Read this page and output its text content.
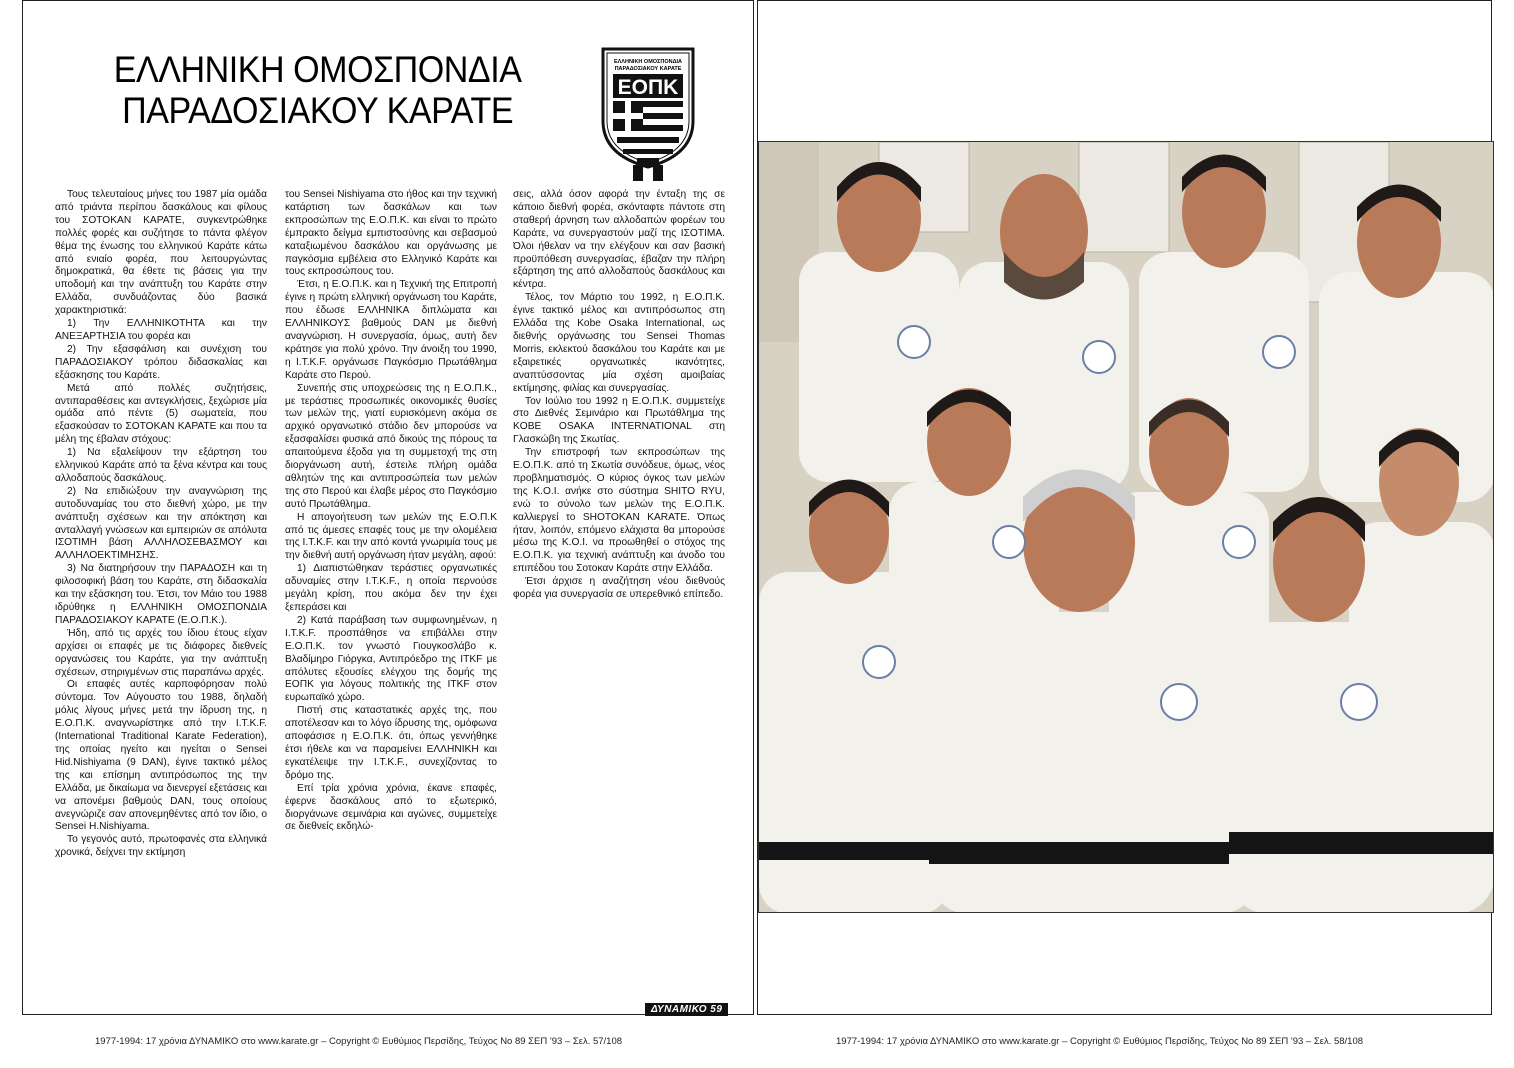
ΕΛΛΗΝΙΚΗ ΟΜΟΣΠΟΝΔΙΑ
ΠΑΡΑΔΟΣΙΑΚΟΥ ΚΑΡΑΤΕ
ΕΛΛΗΝΙΚΗ ΟΜΟΣΠΟΝΔΙΑ
ΠΑΡΑΔΟΣΙΑΚΟΥ ΚΑΡΑΤΕ
ΕΟΠΚ

Τους τελευταίους μήνες του 1987 μία ομάδα από τριάντα περίπου δασκάλους και φίλους του ΣΟΤΟΚΑΝ ΚΑΡΑΤΕ, συγκεντρώθηκε πολλές φορές και συζήτησε το πάντα φλέγον θέμα της ένωσης του ελληνικού Καράτε κάτω από ενιαίο φορέα, που λειτουργώντας δημοκρατικά, θα έθετε τις βάσεις για την υποδομή και την ανάπτυξη του Καράτε στην Ελλάδα, συνδυάζοντας δύο βασικά χαρακτηριστικά:

1) Την ΕΛΛΗΝΙΚΟΤΗΤΑ και την ΑΝΕΞΑΡΤΗΣΙΑ του φορέα και

2) Την εξασφάλιση και συνέχιση του ΠΑΡΑΔΟΣΙΑΚΟΥ τρόπου διδασκαλίας και εξάσκησης του Καράτε.

Μετά από πολλές συζητήσεις, αντιπαραθέσεις και αντεγκλήσεις, ξεχώρισε μία ομάδα από πέντε (5) σωματεία, που εξασκούσαν το ΣΟΤΟΚΑΝ ΚΑΡΑΤΕ και που τα μέλη της έβαλαν στόχους:

1) Να εξαλείψουν την εξάρτηση του ελληνικού Καράτε από τα ξένα κέντρα και τους αλλοδαπούς δασκάλους.

2) Να επιδιώξουν την αναγνώριση της αυτοδυναμίας του στο διεθνή χώρο, με την ανάπτυξη σχέσεων και την απόκτηση και ανταλλαγή γνώσεων και εμπειριών σε απόλυτα ΙΣΟΤΙΜΗ βάση ΑΛΛΗΛΟΣΕΒΑΣΜΟΥ και ΑΛΛΗΛΟΕΚΤΙΜΗΣΗΣ.

3) Να διατηρήσουν την ΠΑΡΑΔΟΣΗ και τη φιλοσοφική βάση του Καράτε, στη διδασκαλία και την εξάσκηση του. Έτσι, τον Μάιο του 1988 ιδρύθηκε η ΕΛΛΗΝΙΚΗ ΟΜΟΣΠΟΝΔΙΑ ΠΑΡΑΔΟΣΙΑΚΟΥ ΚΑΡΑΤΕ (Ε.Ο.Π.Κ.).

Ήδη, από τις αρχές του ίδιου έτους είχαν αρχίσει οι επαφές με τις διάφορες διεθνείς οργανώσεις του Καράτε, για την ανάπτυξη σχέσεων, στηριγμένων στις παραπάνω αρχές.

Οι επαφές αυτές καρποφόρησαν πολύ σύντομα. Τον Αύγουστο του 1988, δηλαδή μόλις λίγους μήνες μετά την ίδρυση της, η Ε.Ο.Π.Κ. αναγνωρίστηκε από την I.T.K.F. (International Traditional Karate Federation), της οποίας ηγείτο και ηγείται ο Sensei Hid.Nishiyama (9 DAN), έγινε τακτικό μέλος της και επίσημη αντιπρόσωπος της την Ελλάδα, με δικαίωμα να διενεργεί εξετάσεις και να απονέμει βαθμούς DAN, τους οποίους ανεγνώριζε σαν απονεμηθέντες από τον ίδιο, ο Sensei H.Nishiyama.

Το γεγονός αυτό, πρωτοφανές στα ελληνικά χρονικά, δείχνει την εκτίμηση

του Sensei Nishiyama στο ήθος και την τεχνική κατάρτιση των δασκάλων και των εκπροσώπων της Ε.Ο.Π.Κ. και είναι το πρώτο έμπρακτο δείγμα εμπιστοσύνης και σεβασμού καταξιωμένου δασκάλου και οργάνωσης με παγκόσμια εμβέλεια στο Ελληνικό Καράτε και τους εκπροσώπους του.

Έτσι, η Ε.Ο.Π.Κ. και η Τεχνική της Επιτροπή έγινε η πρώτη ελληνική οργάνωση του Καράτε, που έδωσε ΕΛΛΗΝΙΚΑ διπλώματα και ΕΛΛΗΝΙΚΟΥΣ βαθμούς DAN με διεθνή αναγνώριση. Η συνεργασία, όμως, αυτή δεν κράτησε για πολύ χρόνο. Την άνοιξη του 1990, η I.T.K.F. οργάνωσε Παγκόσμιο Πρωτάθλημα Καράτε στο Περού.

Συνεπής στις υποχρεώσεις της η Ε.Ο.Π.Κ., με τεράστιες προσωπικές οικονομικές θυσίες των μελών της, γιατί ευρισκόμενη ακόμα σε αρχικό οργανωτικό στάδιο δεν μπορούσε να εξασφαλίσει φυσικά από δικούς της πόρους τα απαιτούμενα έξοδα για τη συμμετοχή της στη διοργάνωση αυτή, έστειλε πλήρη ομάδα αθλητών της και αντιπροσώπεία των μελών της στο Περού και έλαβε μέρος στο Παγκόσμιο αυτό Πρωτάθλημα.

Η απογοήτευση των μελών της Ε.Ο.Π.Κ από τις άμεσες επαφές τους με την ολομέλεια της I.T.K.F. και την από κοντά γνωριμία τους με την διεθνή αυτή οργάνωση ήταν μεγάλη, αφού:

1) Διαπιστώθηκαν τεράστιες οργανωτικές αδυναμίες στην I.T.K.F., η οποία περνούσε μεγάλη κρίση, που ακόμα δεν την έχει ξεπεράσει και

2) Κατά παράβαση των συμφωνημένων, η I.T.K.F. προσπάθησε να επιβάλλει στην Ε.Ο.Π.Κ. τον γνωστό Γιουγκοσλάβο κ. Βλαδίμηρο Γιόργκα, Αντιπρόεδρο της ITKF με απόλυτες εξουσίες ελέγχου της δομής της ΕΟΠΚ για λόγους πολιτικής της ITKF στον ευρωπαϊκό χώρο.

Πιστή στις καταστατικές αρχές της, που αποτέλεσαν και το λόγο ίδρυσης της, ομόφωνα αποφάσισε η Ε.Ο.Π.Κ. ότι, όπως γεννήθηκε έτσι ήθελε και να παραμείνει ΕΛΛΗΝΙΚΗ και εγκατέλειψε την I.T.K.F., συνεχίζοντας το δρόμο της.

Επί τρία χρόνια χρόνια, έκανε επαφές, έφερνε δασκάλους από το εξωτερικό, διοργάνωνε σεμινάρια και αγώνες, συμμετείχε σε διεθνείς εκδηλώ-

σεις, αλλά όσον αφορά την ένταξη της σε κάποιο διεθνή φορέα, σκόνταφτε πάντοτε στη σταθερή άρνηση των αλλοδαπών φορέων του Καράτε, να συνεργαστούν μαζί της ΙΣΟΤΙΜΑ. Όλοι ήθελαν να την ελέγξουν και σαν βασική προϋπόθεση συνεργασίας, έβαζαν την πλήρη εξάρτηση της από αλλοδαπούς δασκάλους και κέντρα.

Τέλος, τον Μάρτιο του 1992, η Ε.Ο.Π.Κ. έγινε τακτικό μέλος και αντιπρόσωπος στη Ελλάδα της Kobe Osaka International, ως διεθνής οργάνωσης του Sensei Thomas Morris, εκλεκτού δασκάλου του Καράτε και με εξαιρετικές οργανωτικές ικανότητες, αναπτύσσοντας μία σχέση αμοιβαίας εκτίμησης, φιλίας και συνεργασίας.

Τον Ιούλιο του 1992 η Ε.Ο.Π.Κ. συμμετείχε στο Διεθνές Σεμινάριο και Πρωτάθλημα της KOBE OSAKA INTERNATIONAL στη Γλασκώβη της Σκωτίας.

Την επιστροφή των εκπροσώπων της Ε.Ο.Π.Κ. από τη Σκωτία συνόδευε, όμως, νέος προβληματισμός. Ο κύριος όγκος των μελών της K.O.I. ανήκε στο σύστημα SHITO RYU, ενώ το σύνολο των μελών της Ε.Ο.Π.Κ. καλλιεργεί το SHOTOKAN KARATE. Όπως ήταν, λοιπόν, επόμενο ελάχιστα θα μπορούσε μέσω της K.O.I. να προωθηθεί ο στόχος της Ε.Ο.Π.Κ. για τεχνική ανάπτυξη και άνοδο του επιπέδου του Σοτοκαν Καράτε στην Ελλάδα.

Έτσι άρχισε η αναζήτηση νέου διεθνούς φορέα για συνεργασία σε υπερεθνικό επίπεδο.

ΔΥΝΑΜΙΚΟ 59
1977-1994: 17 χρόνια ΔΥΝΑΜΙΚΟ στο www.karate.gr – Copyright © Ευθύμιος Περσίδης, Τεύχος Νο 89 ΣΕΠ '93 – Σελ. 57/108	1977-1994: 17 χρόνια ΔΥΝΑΜΙΚΟ στο www.karate.gr – Copyright © Ευθύμιος Περσίδης, Τεύχος Νο 89 ΣΕΠ '93 – Σελ. 58/108
